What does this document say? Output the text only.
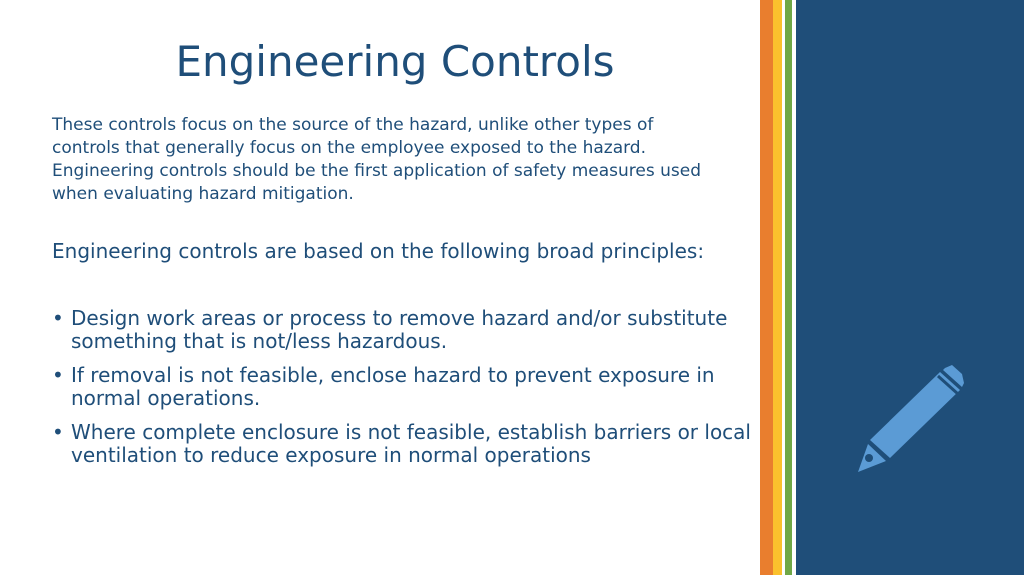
Engineering Controls

These controls focus on the source of the hazard, unlike other types of controls that generally focus on the employee exposed to the hazard. Engineering controls should be the first application of safety measures used when evaluating hazard mitigation.

Engineering controls are based on the following broad principles:

• Design work areas or process to remove hazard and/or substitute something that is not/less hazardous.
• If removal is not feasible, enclose hazard to prevent exposure in normal operations.
• Where complete enclosure is not feasible, establish barriers or local ventilation to reduce exposure in normal operations
